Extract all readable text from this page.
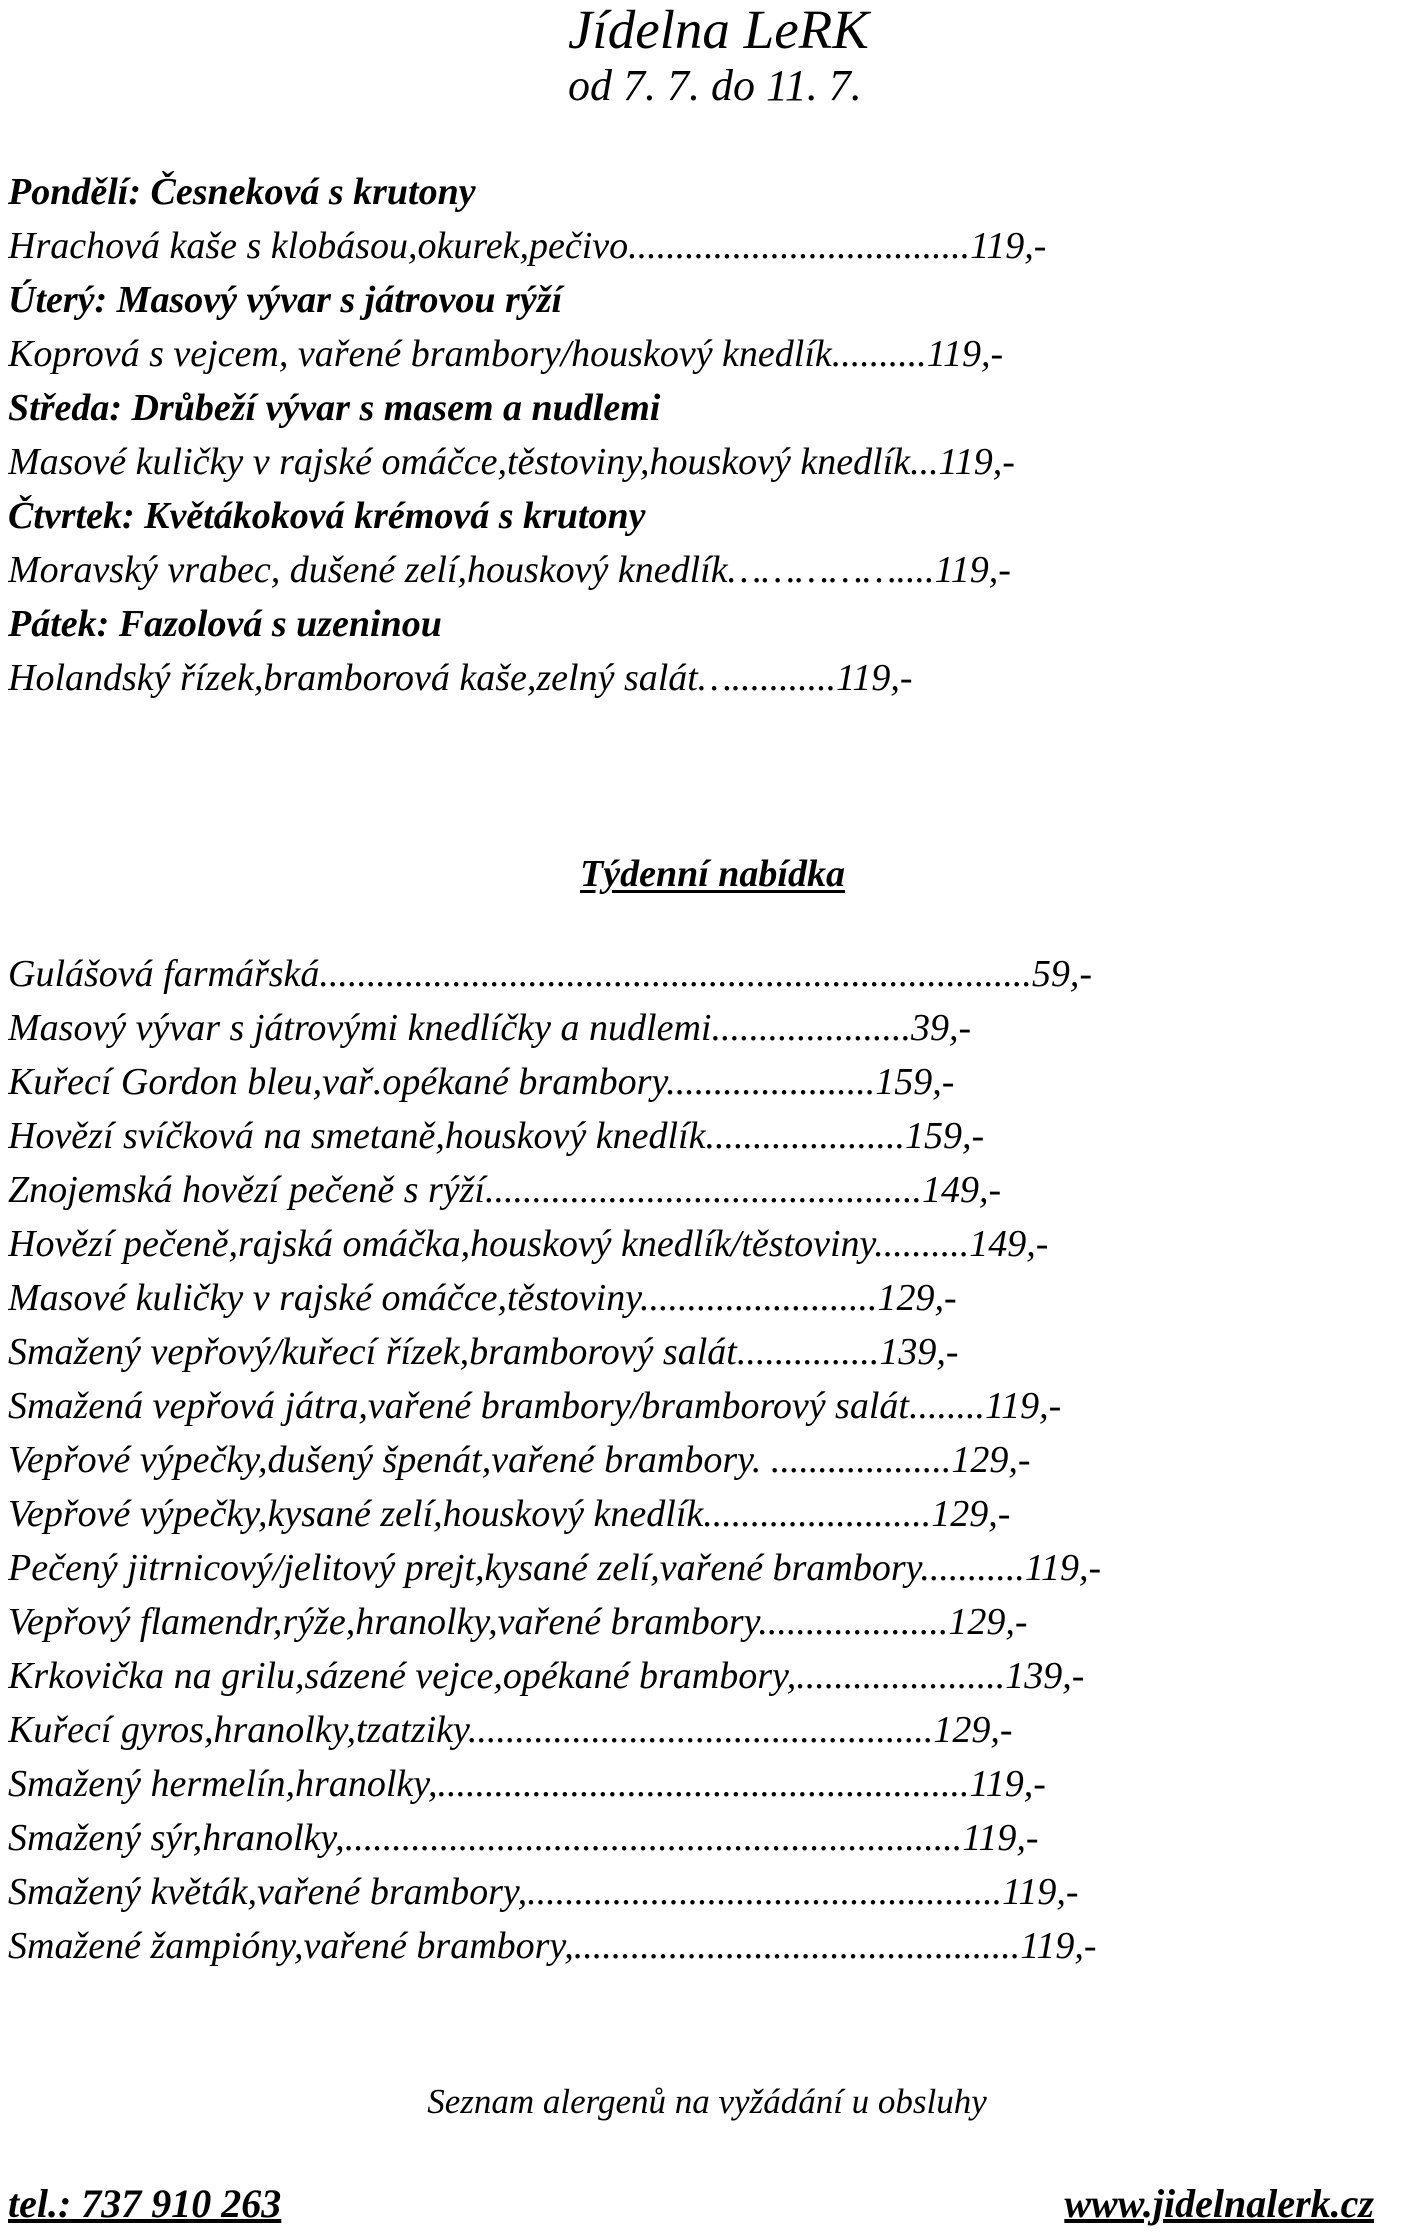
Jídelna LeRK
od 7. 7. do 11. 7.
Pondělí: Česneková s krutony
Hrachová kaše s klobásou,okurek,pečivo....................................119,-
Úterý: Masový vývar s játrovou rýží
Koprová s vejcem, vařené brambory/houskový knedlík..........119,-
Středa: Drůbeží vývar s masem a nudlemi
Masové kuličky v rajské omáčce,těstoviny,houskový knedlík...119,-
Čtvrtek: Květákoková krémová s krutony
Moravský vrabec, dušené zelí,houskový knedlík……………....119,-
Pátek: Fazolová s uzeninou
Holandský řízek,bramborová kaše,zelný salát…...........119,-
Týdenní nabídka
Gulášová farmářská...........................................................................59,-
Masový vývar s játrovými knedlíčky a nudlemi.....................39,-
Kuřecí Gordon bleu,vař.opékané brambory......................159,-
Hovězí svíčková na smetaně,houskový knedlík.....................159,-
Znojemská hovězí pečeně s rýží..............................................149,-
Hovězí pečeně,rajská omáčka,houskový knedlík/těstoviny..........149,-
Masové kuličky v rajské omáčce,těstoviny.........................129,-
Smažený vepřový/kuřecí řízek,bramborový salát...............139,-
Smažená vepřová játra,vařené brambory/bramborový salát........119,-
Vepřové výpečky,dušený špenát,vařené brambory. ...................129,-
Vepřové výpečky,kysané zelí,houskový knedlík........................129,-
Pečený jitrnicový/jelitový prejt,kysané zelí,vařené brambory...........119,-
Vepřový flamendr,rýže,hranolky,vařené brambory....................129,-
Krkovička na grilu,sázené vejce,opékané brambory,......................139,-
Kuřecí gyros,hranolky,tzatziky.................................................129,-
Smažený hermelín,hranolky,........................................................119,-
Smažený sýr,hranolky,.................................................................119,-
Smažený květák,vařené brambory,..................................................119,-
Smažené žampióny,vařené brambory,...............................................119,-
Seznam alergenů na vyžádání u obsluhy
tel.: 737 910 263	www.jidelnalerk.cz
